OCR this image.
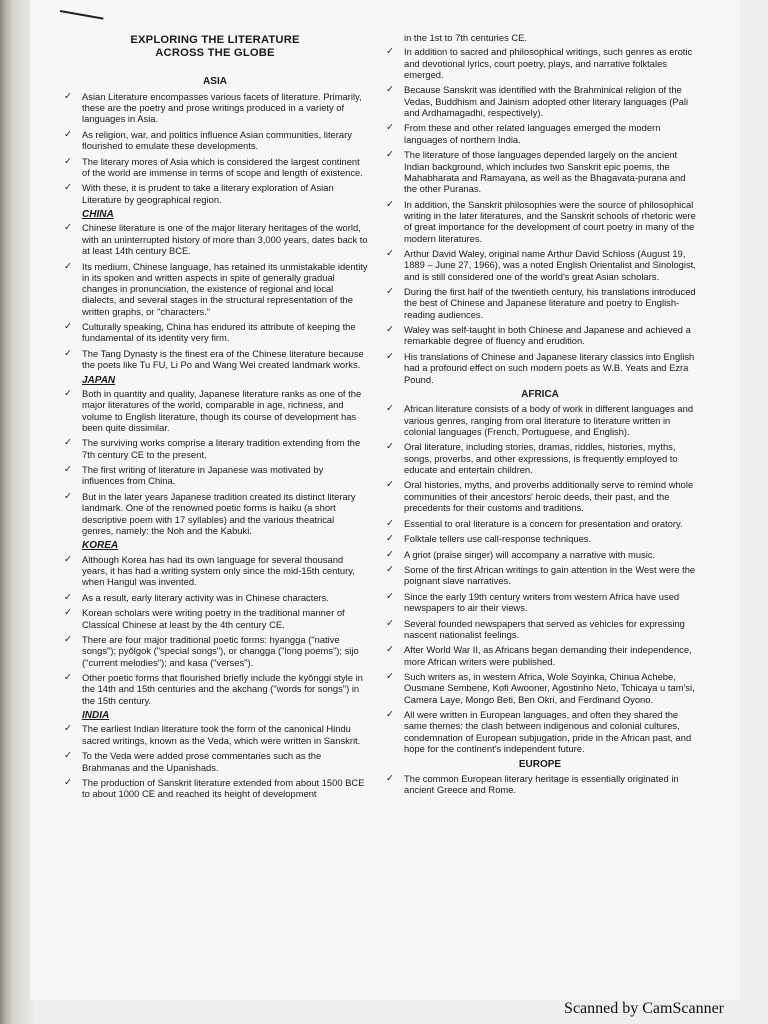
EXPLORING THE LITERATURE
ACROSS THE GLOBE
ASIA
✓ Asian Literature encompasses various facets of literature. Primarily, these are the poetry and prose writings produced in a variety of languages in Asia.
✓ As religion, war, and politics influence Asian communities, literary flourished to emulate these developments.
✓ The literary mores of Asia which is considered the largest continent of the world are immense in terms of scope and length of existence.
✓ With these, it is prudent to take a literary exploration of Asian Literature by geographical region.
CHINA
✓ Chinese literature is one of the major literary heritages of the world, with an uninterrupted history of more than 3,000 years, dates back to at least 14th century BCE.
✓ Its medium, Chinese language, has retained its unmistakable identity in its spoken and written aspects in spite of generally gradual changes in pronunciation, the existence of regional and local dialects, and several stages in the structural representation of the written graphs, or "characters."
✓ Culturally speaking, China has endured its attribute of keeping the fundamental of its identity very firm.
✓ The Tang Dynasty is the finest era of the Chinese literature because the poets like Tu FU, Li Po and Wang Wei created landmark works.
JAPAN
✓ Both in quantity and quality, Japanese literature ranks as one of the major literatures of the world, comparable in age, richness, and volume to English literature, though its course of development has been quite dissimilar.
✓ The surviving works comprise a literary tradition extending from the 7th century CE to the present.
✓ The first writing of literature in Japanese was motivated by influences from China.
✓ But in the later years Japanese tradition created its distinct literary landmark. One of the renowned poetic forms is haiku (a short descriptive poem with 17 syllables) and the various theatrical genres, namely: the Noh and the Kabuki.
KOREA
✓ Although Korea has had its own language for several thousand years, it has had a writing system only since the mid-15th century, when Hangul was invented.
✓ As a result, early literary activity was in Chinese characters.
✓ Korean scholars were writing poetry in the traditional manner of Classical Chinese at least by the 4th century CE.
✓ There are four major traditional poetic forms: hyangga ("native songs"); pyŏlgok ("special songs"), or changga ("long poems"); sijo ("current melodies"); and kasa ("verses").
✓ Other poetic forms that flourished briefly include the kyŏnggi style in the 14th and 15th centuries and the akchang ("words for songs") in the 15th century.
INDIA
✓ The earliest Indian literature took the form of the canonical Hindu sacred writings, known as the Veda, which were written in Sanskrit.
✓ To the Veda were added prose commentaries such as the Brahmanas and the Upanishads.
✓ The production of Sanskrit literature extended from about 1500 BCE to about 1000 CE and reached its height of development
in the 1st to 7th centuries CE.
✓ In addition to sacred and philosophical writings, such genres as erotic and devotional lyrics, court poetry, plays, and narrative folktales emerged.
✓ Because Sanskrit was identified with the Brahminical religion of the Vedas, Buddhism and Jainism adopted other literary languages (Pali and Ardhamagadhi, respectively).
✓ From these and other related languages emerged the modern languages of northern India.
✓ The literature of those languages depended largely on the ancient Indian background, which includes two Sanskrit epic poems, the Mahabharata and Ramayana, as well as the Bhagavata-purana and the other Puranas.
✓ In addition, the Sanskrit philosophies were the source of philosophical writing in the later literatures, and the Sanskrit schools of rhetoric were of great importance for the development of court poetry in many of the modern literatures.
✓ Arthur David Waley, original name Arthur David Schloss (August 19, 1889 – June 27, 1966), was a noted English Orientalist and Sinologist, and is still considered one of the world's great Asian scholars.
✓ During the first half of the twentieth century, his translations introduced the best of Chinese and Japanese literature and poetry to English-reading audiences.
✓ Waley was self-taught in both Chinese and Japanese and achieved a remarkable degree of fluency and erudition.
✓ His translations of Chinese and Japanese literary classics into English had a profound effect on such modern poets as W.B. Yeats and Ezra Pound.
AFRICA
✓ African literature consists of a body of work in different languages and various genres, ranging from oral literature to literature written in colonial languages (French, Portuguese, and English).
✓ Oral literature, including stories, dramas, riddles, histories, myths, songs, proverbs, and other expressions, is frequently employed to educate and entertain children.
✓ Oral histories, myths, and proverbs additionally serve to remind whole communities of their ancestors' heroic deeds, their past, and the precedents for their customs and traditions.
✓ Essential to oral literature is a concern for presentation and oratory.
✓ Folktale tellers use call-response techniques.
✓ A griot (praise singer) will accompany a narrative with music.
✓ Some of the first African writings to gain attention in the West were the poignant slave narratives.
✓ Since the early 19th century writers from western Africa have used newspapers to air their views.
✓ Several founded newspapers that served as vehicles for expressing nascent nationalist feelings.
✓ After World War II, as Africans began demanding their independence, more African writers were published.
✓ Such writers as, in western Africa, Wole Soyinka, Chinua Achebe, Ousmane Sembene, Kofi Awooner, Agostinho Neto, Tchicaya u tam'si, Camera Laye, Mongo Beti, Ben Okri, and Ferdinand Oyono.
✓ All were written in European languages, and often they shared the same themes: the clash between indigenous and colonial cultures, condemnation of European subjugation, pride in the African past, and hope for the continent's independent future.
EUROPE
✓ The common European literary heritage is essentially originated in ancient Greece and Rome.
Scanned by CamScanner
